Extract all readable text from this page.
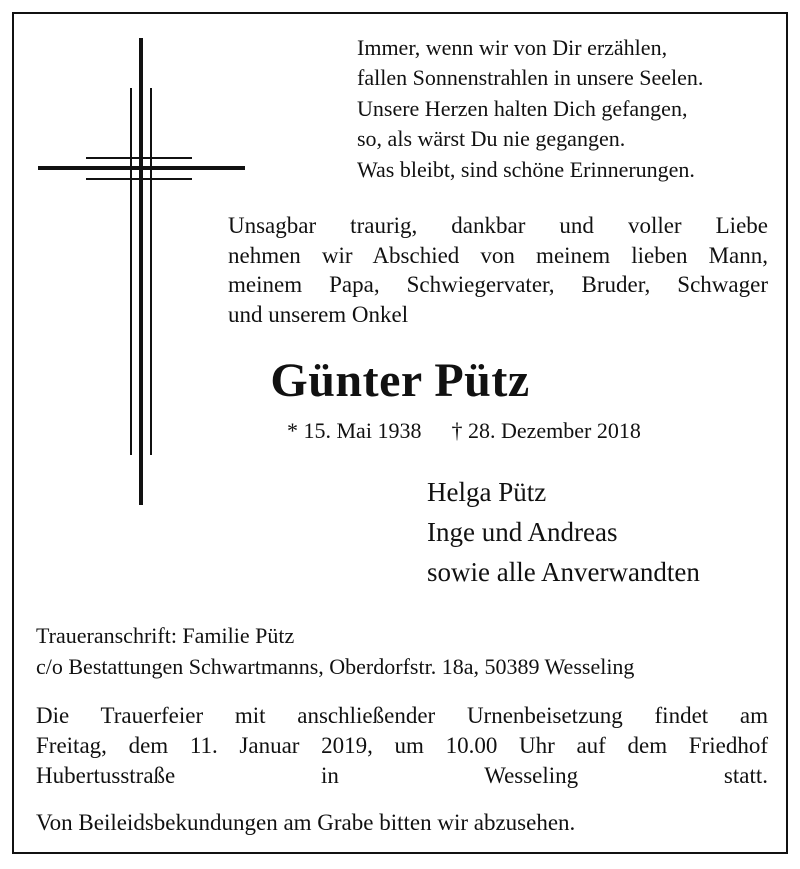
Immer, wenn wir von Dir erzählen,
fallen Sonnenstrahlen in unsere Seelen.
Unsere Herzen halten Dich gefangen,
so, als wärst Du nie gegangen.
Was bleibt, sind schöne Erinnerungen.

Unsagbar traurig, dankbar und voller Liebe
nehmen wir Abschied von meinem lieben Mann,
meinem Papa, Schwiegervater, Bruder, Schwager
und unserem Onkel
Günter Pütz

* 15. Mai 1938 † 28. Dezember 2018

Helga Pütz
Inge und Andreas
sowie alle Anverwandten

Traueranschrift: Familie Pütz
c/o Bestattungen Schwartmanns, Oberdorfstr. 18a, 50389 Wesseling

Die Trauerfeier mit anschließender Urnenbeisetzung findet am
Freitag, dem 11. Januar 2019, um 10.00 Uhr auf dem Friedhof
Hubertusstraße in Wesseling statt.

Von Beileidsbekundungen am Grabe bitten wir abzusehen.
